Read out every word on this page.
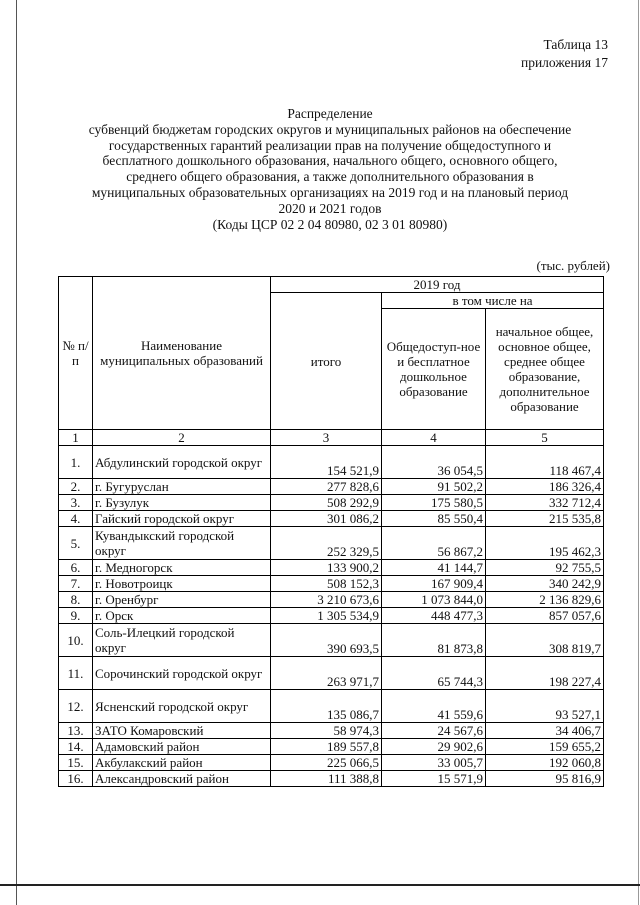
Таблица 13
приложения 17
Распределение
субвенций бюджетам городских округов и муниципальных районов на обеспечение
государственных гарантий реализации прав на получение общедоступного и
бесплатного дошкольного образования, начального общего, основного общего,
среднего общего образования, а также дополнительного образования в
муниципальных образовательных организациях на 2019 год и на плановый период
2020 и 2021 годов
(Коды ЦСР 02 2 04 80980, 02 3 01 80980)
(тыс. рублей)
№ п/п	Наименование муниципальных образований	2019 год		
		итого	в том числе на	
			Общедоступ-ное и бесплатное дошкольное образование	начальное общее, основное общее, среднее общее образование, дополнительное образование
1	2	3	4	5
1.	Абдулинский городской округ	154 521,9	36 054,5	118 467,4
2.	г. Бугуруслан	277 828,6	91 502,2	186 326,4
3.	г. Бузулук	508 292,9	175 580,5	332 712,4
4.	Гайский городской округ	301 086,2	85 550,4	215 535,8
5.	Кувандыкский городской округ	252 329,5	56 867,2	195 462,3
6.	г. Медногорск	133 900,2	41 144,7	92 755,5
7.	г. Новотроицк	508 152,3	167 909,4	340 242,9
8.	г. Оренбург	3 210 673,6	1 073 844,0	2 136 829,6
9.	г. Орск	1 305 534,9	448 477,3	857 057,6
10.	Соль-Илецкий городской округ	390 693,5	81 873,8	308 819,7
11.	Сорочинский городской округ	263 971,7	65 744,3	198 227,4
12.	Ясненский городской округ	135 086,7	41 559,6	93 527,1
13.	ЗАТО Комаровский	58 974,3	24 567,6	34 406,7
14.	Адамовский район	189 557,8	29 902,6	159 655,2
15.	Акбулакский район	225 066,5	33 005,7	192 060,8
16.	Александровский район	111 388,8	15 571,9	95 816,9
